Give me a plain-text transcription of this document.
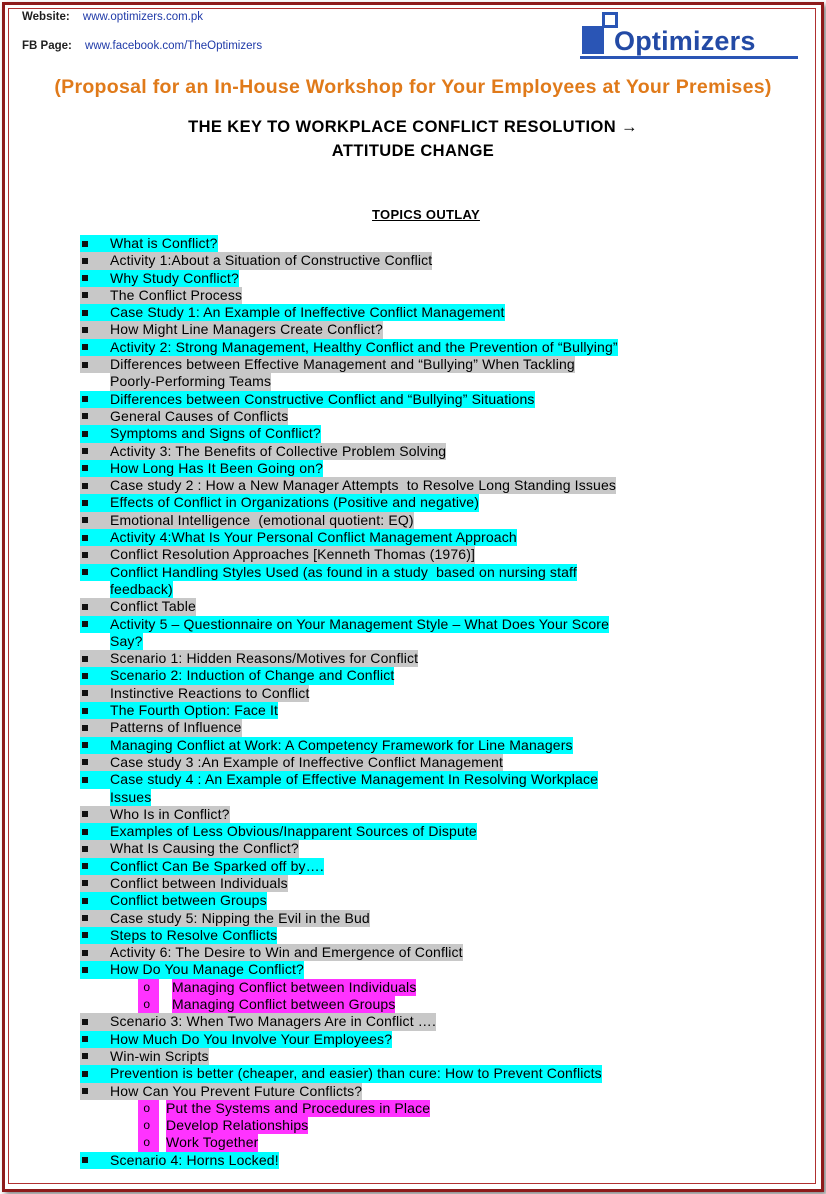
Website: www.optimizers.com.pk
FB Page: www.facebook.com/TheOptimizers	Optimizers
(Proposal for an In-House Workshop for Your Employees at Your Premises)
THE KEY TO WORKPLACE CONFLICT RESOLUTION →
ATTITUDE CHANGE
TOPICS OUTLAY
What is Conflict?
Activity 1:About a Situation of Constructive Conflict
Why Study Conflict?
The Conflict Process
Case Study 1: An Example of Ineffective Conflict Management
How Might Line Managers Create Conflict?
Activity 2: Strong Management, Healthy Conflict and the Prevention of “Bullying”
Differences between Effective Management and “Bullying” When Tackling
Poorly-Performing Teams
Differences between Constructive Conflict and “Bullying” Situations
General Causes of Conflicts
Symptoms and Signs of Conflict?
Activity 3: The Benefits of Collective Problem Solving
How Long Has It Been Going on?
Case study 2 : How a New Manager Attempts  to Resolve Long Standing Issues
Effects of Conflict in Organizations (Positive and negative)
Emotional Intelligence  (emotional quotient: EQ)
Activity 4:What Is Your Personal Conflict Management Approach
Conflict Resolution Approaches [Kenneth Thomas (1976)]
Conflict Handling Styles Used (as found in a study  based on nursing staff
feedback)
Conflict Table
Activity 5 – Questionnaire on Your Management Style – What Does Your Score
Say?
Scenario 1: Hidden Reasons/Motives for Conflict
Scenario 2: Induction of Change and Conflict
Instinctive Reactions to Conflict
The Fourth Option: Face It
Patterns of Influence
Managing Conflict at Work: A Competency Framework for Line Managers
Case study 3 :An Example of Ineffective Conflict Management
Case study 4 : An Example of Effective Management In Resolving Workplace
Issues
Who Is in Conflict?
Examples of Less Obvious/Inapparent Sources of Dispute
What Is Causing the Conflict?
Conflict Can Be Sparked off by….
Conflict between Individuals
Conflict between Groups
Case study 5: Nipping the Evil in the Bud
Steps to Resolve Conflicts
Activity 6: The Desire to Win and Emergence of Conflict
How Do You Manage Conflict?
o Managing Conflict between Individuals
o Managing Conflict between Groups
Scenario 3: When Two Managers Are in Conflict ….
How Much Do You Involve Your Employees?
Win-win Scripts
Prevention is better (cheaper, and easier) than cure: How to Prevent Conflicts
How Can You Prevent Future Conflicts?
o Put the Systems and Procedures in Place
o Develop Relationships
o Work Together
Scenario 4: Horns Locked!
